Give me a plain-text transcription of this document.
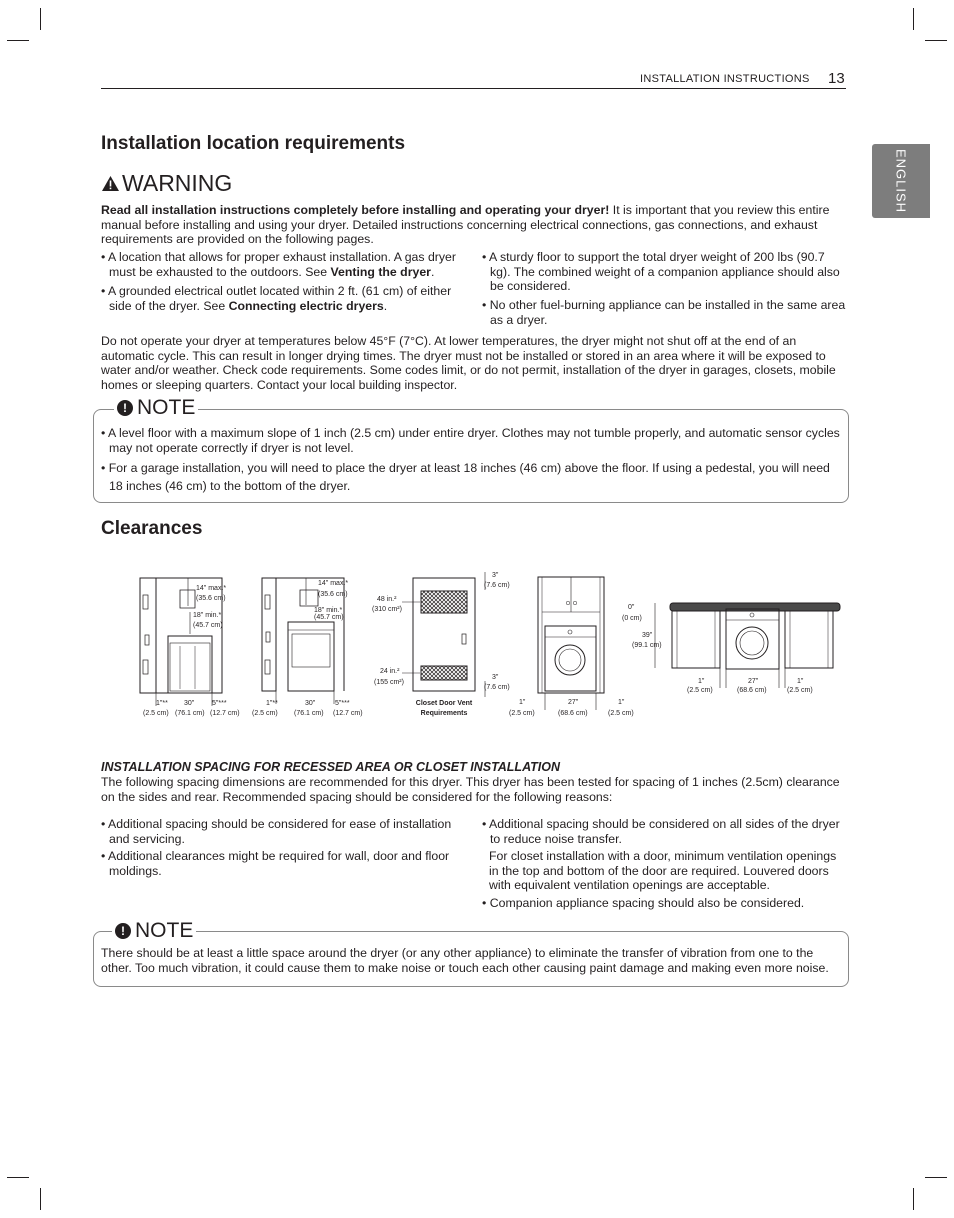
INSTALLATION INSTRUCTIONS 13
ENGLISH
Installation location requirements
WARNING
Read all installation instructions completely before installing and operating your dryer! It is important that you review this entire manual before installing and using your dryer. Detailed instructions concerning electrical connections, gas connections, and exhaust requirements are provided on the following pages.
• A location that allows for proper exhaust installation. A gas dryer must be exhausted to the outdoors. See Venting the dryer.
• A grounded electrical outlet located within 2 ft. (61 cm) of either side of the dryer. See Connecting electric dryers.
• A sturdy floor to support the total dryer weight of 200 lbs (90.7 kg). The combined weight of a companion appliance should also be considered.
• No other fuel-burning appliance can be installed in the same area as a dryer.
Do not operate your dryer at temperatures below 45°F (7°C). At lower temperatures, the dryer might not shut off at the end of an automatic cycle. This can result in longer drying times. The dryer must not be installed or stored in an area where it will be exposed to water and/or weather. Check code requirements. Some codes limit, or do not permit, installation of the dryer in garages, closets, mobile homes or sleeping quarters. Contact your local building inspector.
! NOTE
• A level floor with a maximum slope of 1 inch (2.5 cm) under entire dryer. Clothes may not tumble properly, and automatic sensor cycles may not operate correctly if dryer is not level.
• For a garage installation, you will need to place the dryer at least 18 inches (46 cm) above the floor. If using a pedestal, you will need 18 inches (46 cm) to the bottom of the dryer.
Clearances
14" max.*
(35.6 cm)
18" min.*
(45.7 cm)
1"** 30"	5"***
(2.5 cm) (76.1 cm) (12.7 cm)
14" max.*
(35.6 cm)
18" min.*
(45.7 cm)
1"**	30"	5"***
(2.5 cm) (76.1 cm) (12.7 cm)
48 in.²
(310 cm²)
24 in.²
(155 cm²)
3"
(7.6 cm)
3"
(7.6 cm)
Closet Door Vent
Requirements
1"	27"	1"
(2.5 cm)	(68.6 cm)	(2.5 cm)
0"
(0 cm)
39"
(99.1 cm)
1"	27"	1"
(2.5 cm)	(68.6 cm)	(2.5 cm)
INSTALLATION SPACING FOR RECESSED AREA OR CLOSET INSTALLATION
The following spacing dimensions are recommended for this dryer. This dryer has been tested for spacing of 1 inches (2.5cm) clearance on the sides and rear. Recommended spacing should be considered for the following reasons:
• Additional spacing should be considered for ease of installation and servicing.
• Additional clearances might be required for wall, door and floor moldings.
• Additional spacing should be considered on all sides of the dryer to reduce noise transfer.
For closet installation with a door, minimum ventilation openings in the top and bottom of the door are required. Louvered doors with equivalent ventilation openings are acceptable.
• Companion appliance spacing should also be considered.
! NOTE
There should be at least a little space around the dryer (or any other appliance) to eliminate the transfer of vibration from one to the other. Too much vibration, it could cause them to make noise or touch each other causing paint damage and making even more noise.
